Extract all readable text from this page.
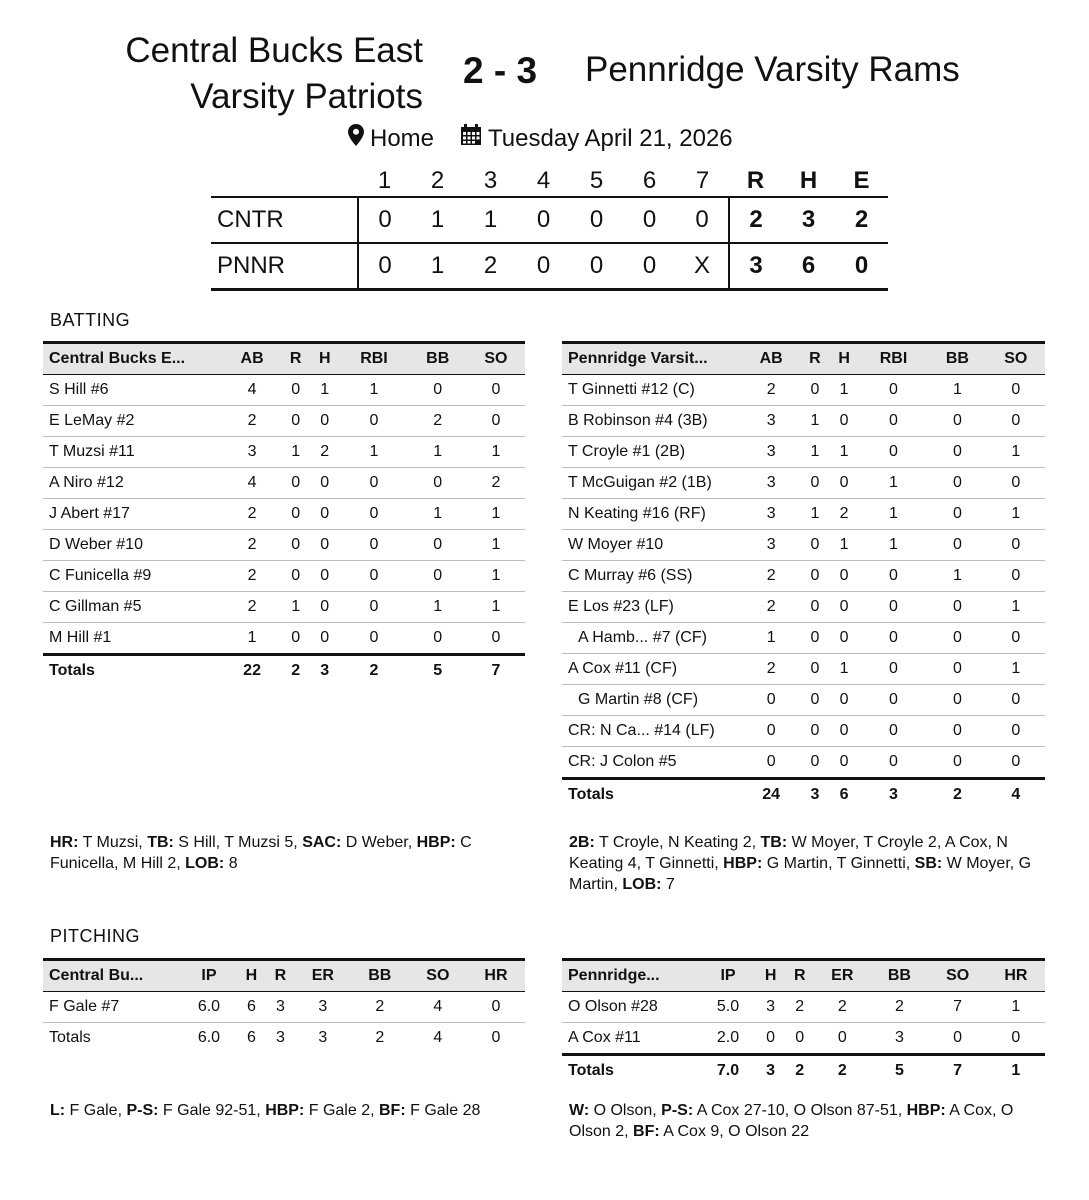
Central Bucks East
Varsity Patriots
2 - 3 Pennridge Varsity Rams
Home Tuesday April 21, 2026
	1	2	3	4	5	6	7	R	H	E
CNTR	0	1	1	0	0	0	0	2	3	2
PNNR	0	1	2	0	0	0	X	3	6	0
BATTING
Central Bucks E...	AB	R	H	RBI	BB	SO
S Hill #6	4	0	1	1	0	0
E LeMay #2	2	0	0	0	2	0
T Muzsi #11	3	1	2	1	1	1
A Niro #12	4	0	0	0	0	2
J Abert #17	2	0	0	0	1	1
D Weber #10	2	0	0	0	0	1
C Funicella #9	2	0	0	0	0	1
C Gillman #5	2	1	0	0	1	1
M Hill #1	1	0	0	0	0	0
Totals	22	2	3	2	5	7
Pennridge Varsit...	AB	R	H	RBI	BB	SO
T Ginnetti #12 (C)	2	0	1	0	1	0
B Robinson #4 (3B)	3	1	0	0	0	0
T Croyle #1 (2B)	3	1	1	0	0	1
T McGuigan #2 (1B)	3	0	0	1	0	0
N Keating #16 (RF)	3	1	2	1	0	1
W Moyer #10	3	0	1	1	0	0
C Murray #6 (SS)	2	0	0	0	1	0
E Los #23 (LF)	2	0	0	0	0	1
A Hamb... #7 (CF)	1	0	0	0	0	0
A Cox #11 (CF)	2	0	1	0	0	1
G Martin #8 (CF)	0	0	0	0	0	0
CR: N Ca... #14 (LF)	0	0	0	0	0	0
CR: J Colon #5	0	0	0	0	0	0
Totals	24	3	6	3	2	4
HR: T Muzsi, TB: S Hill, T Muzsi 5, SAC: D Weber, HBP: C Funicella, M Hill 2, LOB: 8
2B: T Croyle, N Keating 2, TB: W Moyer, T Croyle 2, A Cox, N Keating 4, T Ginnetti, HBP: G Martin, T Ginnetti, SB: W Moyer, G Martin, LOB: 7
PITCHING
Central Bu...	IP	H	R	ER	BB	SO	HR
F Gale #7	6.0	6	3	3	2	4	0
Totals	6.0	6	3	3	2	4	0
Pennridge...	IP	H	R	ER	BB	SO	HR
O Olson #28	5.0	3	2	2	2	7	1
A Cox #11	2.0	0	0	0	3	0	0
Totals	7.0	3	2	2	5	7	1
L: F Gale, P-S: F Gale 92-51, HBP: F Gale 2, BF: F Gale 28	W: O Olson, P-S: A Cox 27-10, O Olson 87-51, HBP: A Cox, O Olson 2, BF: A Cox 9, O Olson 22
